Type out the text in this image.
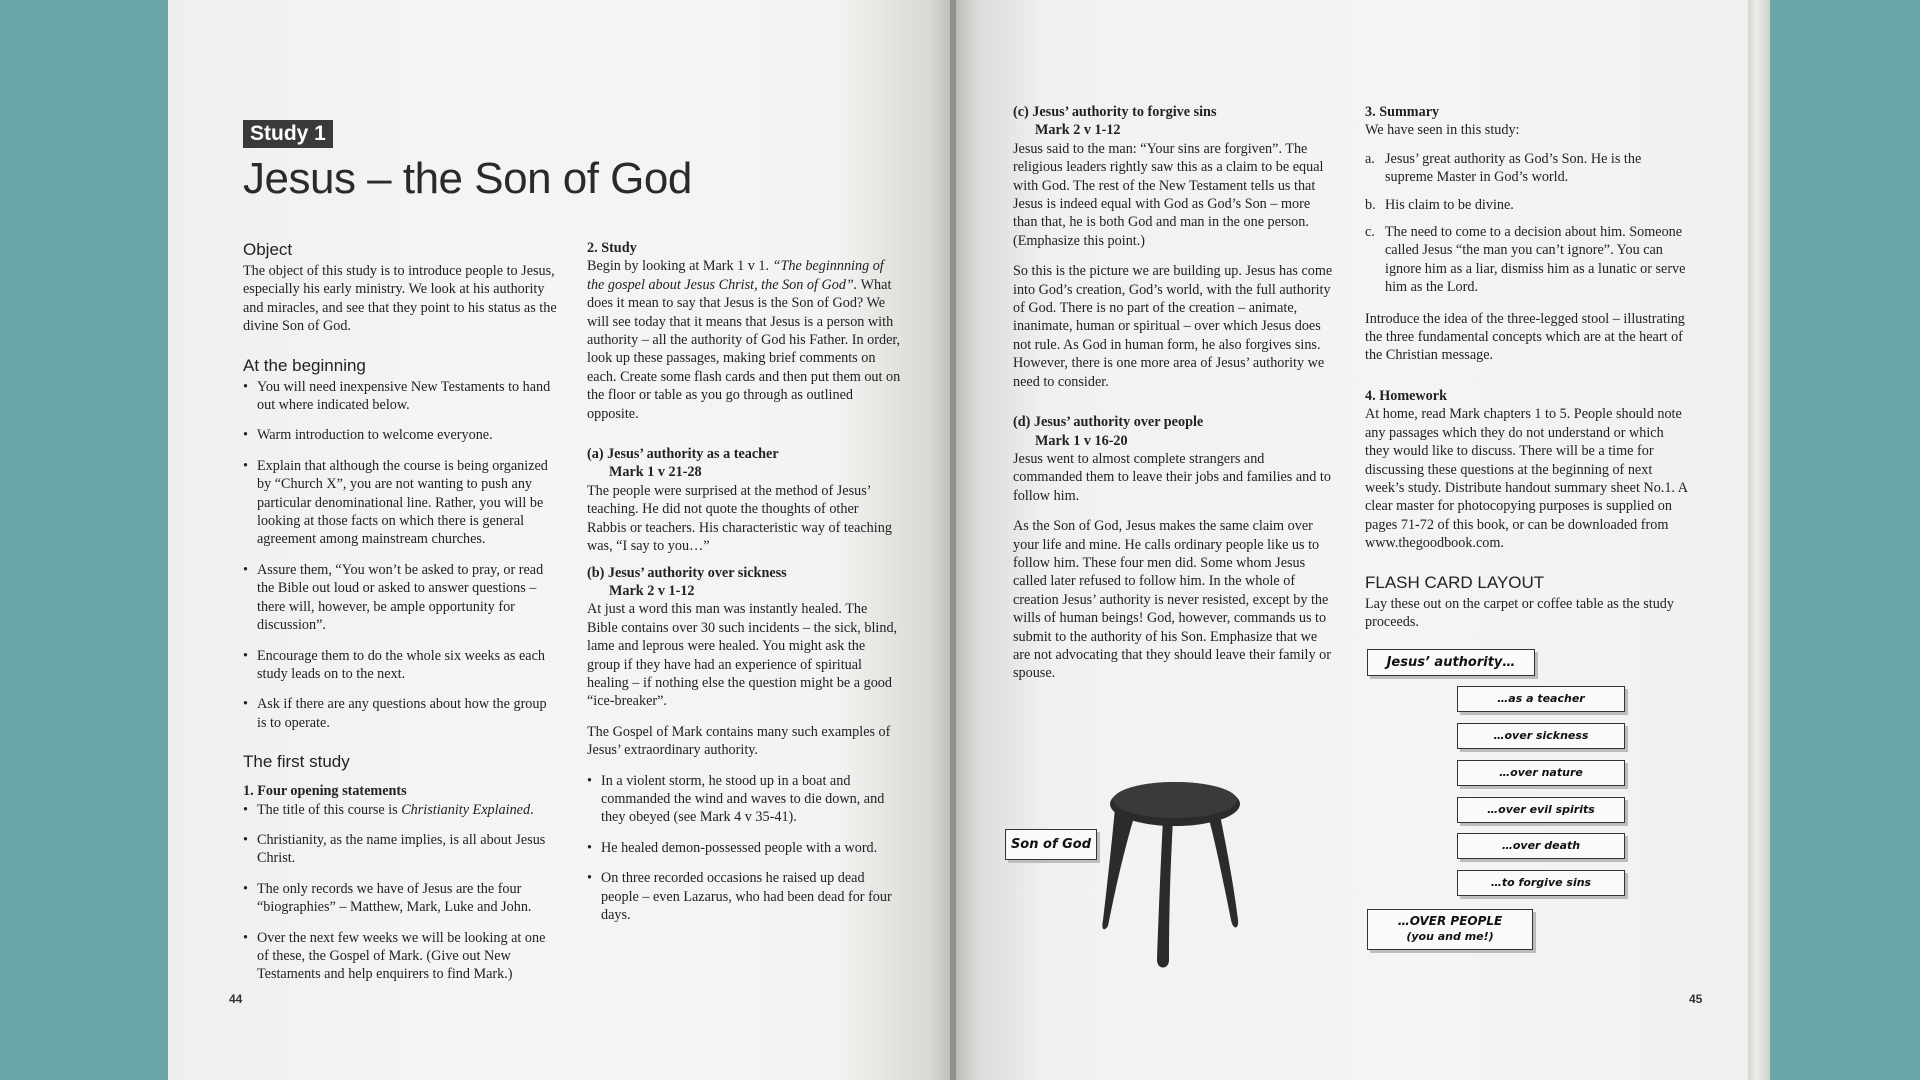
Study 1
Jesus – the Son of God
Object

The object of this study is to introduce people to Jesus, especially his early ministry. We look at his authority and miracles, and see that they point to his status as the divine Son of God.

At the beginning
• You will need inexpensive New Testaments to hand out where indicated below.
• Warm introduction to welcome everyone.
• Explain that although the course is being organized by “Church X”, you are not wanting to push any particular denominational line. Rather, you will be looking at those facts on which there is general agreement among mainstream churches.
• Assure them, “You won’t be asked to pray, or read the Bible out loud or asked to answer questions – there will, however, be ample opportunity for discussion”.
• Encourage them to do the whole six weeks as each study leads on to the next.
• Ask if there are any questions about how the group is to operate.
The first study

1. Four opening statements

• The title of this course is Christianity Explained.
• Christianity, as the name implies, is all about Jesus Christ.
• The only records we have of Jesus are the four “biographies” – Matthew, Mark, Luke and John.
• Over the next few weeks we will be looking at one of these, the Gospel of Mark. (Give out New Testaments and help enquirers to find Mark.)

2. Study

Begin by looking at Mark 1 v 1. “The beginnning of the gospel about Jesus Christ, the Son of God”. What does it mean to say that Jesus is the Son of God? We will see today that it means that Jesus is a person with authority – all the authority of God his Father. In order, look up these passages, making brief comments on each. Create some flash cards and then put them out on the floor or table as you go through as outlined opposite.

(a) Jesus’ authority as a teacher

Mark 1 v 21-28

The people were surprised at the method of Jesus’ teaching. He did not quote the thoughts of other Rabbis or teachers. His characteristic way of teaching was, “I say to you…”

(b) Jesus’ authority over sickness

Mark 2 v 1-12

At just a word this man was instantly healed. The Bible contains over 30 such incidents – the sick, blind, lame and leprous were healed. You might ask the group if they have had an experience of spiritual healing – if nothing else the question might be a good “ice-breaker”.

The Gospel of Mark contains many such examples of Jesus’ extraordinary authority.

• In a violent storm, he stood up in a boat and commanded the wind and waves to die down, and they obeyed (see Mark 4 v 35-41).
• He healed demon-possessed people with a word.
• On three recorded occasions he raised up dead people – even Lazarus, who had been dead for four days.
44

(c) Jesus’ authority to forgive sins

Mark 2 v 1-12

Jesus said to the man: “Your sins are forgiven”. The religious leaders rightly saw this as a claim to be equal with God. The rest of the New Testament tells us that Jesus is indeed equal with God as God’s Son – more than that, he is both God and man in the one person. (Emphasize this point.)

So this is the picture we are building up. Jesus has come into God’s creation, God’s world, with the full authority of God. There is no part of the creation – animate, inanimate, human or spiritual – over which Jesus does not rule. As God in human form, he also forgives sins. However, there is one more area of Jesus’ authority we need to consider.

(d) Jesus’ authority over people

Mark 1 v 16-20

Jesus went to almost complete strangers and commanded them to leave their jobs and families and to follow him.

As the Son of God, Jesus makes the same claim over your life and mine. He calls ordinary people like us to follow him. These four men did. Some whom Jesus called later refused to follow him. In the whole of creation Jesus’ authority is never resisted, except by the wills of human beings! God, however, commands us to submit to the authority of his Son. Emphasize that we are not advocating that they should leave their family or spouse.

3. Summary

We have seen in this study:

a. Jesus’ great authority as God’s Son. He is the supreme Master in God’s world.
b. His claim to be divine.
c. The need to come to a decision about him. Someone called Jesus “the man you can’t ignore”. You can ignore him as a liar, dismiss him as a lunatic or serve him as the Lord.

Introduce the idea of the three-legged stool – illustrating the three fundamental concepts which are at the heart of the Christian message.

4. Homework

At home, read Mark chapters 1 to 5. People should note any passages which they do not understand or which they would like to discuss. There will be a time for discussing these questions at the beginning of next week’s study. Distribute handout summary sheet No.1. A clear master for photocopying purposes is supplied on pages 71-72 of this book, or can be downloaded from www.thegoodbook.com.

FLASH CARD LAYOUT

Lay these out on the carpet or coffee table as the study proceeds.

Jesus’ authority…
…as a teacher
…over sickness
…over nature
…over evil spirits
…over death
…to forgive sins
…OVER PEOPLE
(you and me!)
Son of God
45
